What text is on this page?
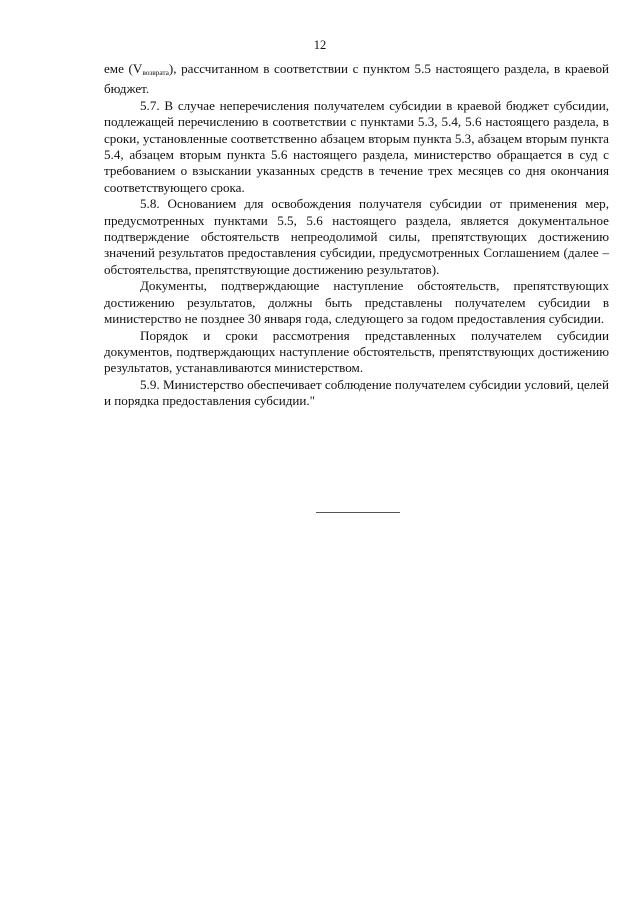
12

еме $(V_{возврата})$, рассчитанном в соответствии с пунктом 5.5 настоящего раздела, в краевой бюджет.

5.7. В случае неперечисления получателем субсидии в краевой бюджет субсидии, подлежащей перечислению в соответствии с пунктами 5.3, 5.4, 5.6 настоящего раздела, в сроки, установленные соответственно абзацем вторым пункта 5.3, абзацем вторым пункта 5.4, абзацем вторым пункта 5.6 настоящего раздела, министерство обращается в суд с требованием о взыскании указанных средств в течение трех месяцев со дня окончания соответствующего срока.

5.8. Основанием для освобождения получателя субсидии от применения мер, предусмотренных пунктами 5.5, 5.6 настоящего раздела, является документальное подтверждение обстоятельств непреодолимой силы, препятствующих достижению значений результатов предоставления субсидии, предусмотренных Соглашением (далее – обстоятельства, препятствующие достижению результатов).

Документы, подтверждающие наступление обстоятельств, препятствующих достижению результатов, должны быть представлены получателем субсидии в министерство не позднее 30 января года, следующего за годом предоставления субсидии.

Порядок и сроки рассмотрения представленных получателем субсидии документов, подтверждающих наступление обстоятельств, препятствующих достижению результатов, устанавливаются министерством.

5.9. Министерство обеспечивает соблюдение получателем субсидии условий, целей и порядка предоставления субсидии."
